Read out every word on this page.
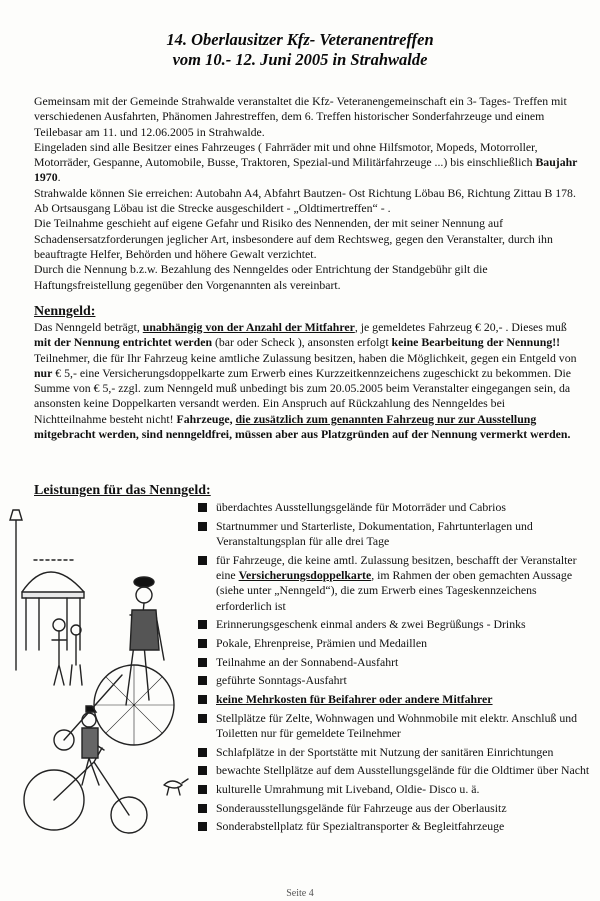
14. Oberlausitzer Kfz- Veteranentreffen
vom 10.- 12. Juni 2005 in Strahwalde

Gemeinsam mit der Gemeinde Strahwalde veranstaltet die Kfz- Veteranengemeinschaft ein 3- Tages- Treffen mit verschiedenen Ausfahrten, Phänomen Jahrestreffen, dem 6. Treffen historischer Sonderfahrzeuge und einem Teilebasar am 11. und 12.06.2005 in Strahwalde.

Eingeladen sind alle Besitzer eines Fahrzeuges ( Fahrräder mit und ohne Hilfsmotor, Mopeds, Motorroller, Motorräder, Gespanne, Automobile, Busse, Traktoren, Spezial-und Militärfahrzeuge ...) bis einschließlich Baujahr 1970.

Strahwalde können Sie erreichen: Autobahn A4, Abfahrt Bautzen- Ost Richtung Löbau B6, Richtung Zittau B 178. Ab Ortsausgang Löbau ist die Strecke ausgeschildert - „Oldtimertreffen“ - .

Die Teilnahme geschieht auf eigene Gefahr und Risiko des Nennenden, der mit seiner Nennung auf Schadensersatzforderungen jeglicher Art, insbesondere auf dem Rechtsweg, gegen den Veranstalter, durch ihn beauftragte Helfer, Behörden und höhere Gewalt verzichtet.

Durch die Nennung b.z.w. Bezahlung des Nenngeldes oder Entrichtung der Standgebühr gilt die Haftungsfreistellung gegenüber den Vorgenannten als vereinbart.

Nenngeld:

Das Nenngeld beträgt, unabhängig von der Anzahl der Mitfahrer, je gemeldetes Fahrzeug € 20,- . Dieses muß mit der Nennung entrichtet werden (bar oder Scheck ), ansonsten erfolgt keine Bearbeitung der Nennung!! Teilnehmer, die für Ihr Fahrzeug keine amtliche Zulassung besitzen, haben die Möglichkeit, gegen ein Entgeld von nur € 5,- eine Versicherungsdoppelkarte zum Erwerb eines Kurzzeitkennzeichens zugeschickt zu bekommen. Die Summe von € 5,- zzgl. zum Nenngeld muß unbedingt bis zum 20.05.2005 beim Veranstalter eingegangen sein, da ansonsten keine Doppelkarten versandt werden. Ein Anspruch auf Rückzahlung des Nenngeldes bei Nichtteilnahme besteht nicht! Fahrzeuge, die zusätzlich zum genannten Fahrzeug nur zur Ausstellung mitgebracht werden, sind nenngeldfrei, müssen aber aus Platzgründen auf der Nennung vermerkt werden.

Leistungen für das Nenngeld:
überdachtes Ausstellungsgelände für Motorräder und Cabrios
Startnummer und Starterliste, Dokumentation, Fahrtunterlagen und Veranstaltungsplan für alle drei Tage
für Fahrzeuge, die keine amtl. Zulassung besitzen, beschafft der Veranstalter eine Versicherungsdoppelkarte, im Rahmen der oben gemachten Aussage (siehe unter „Nenngeld“), die zum Erwerb eines Tageskennzeichens erforderlich ist
Erinnerungsgeschenk einmal anders & zwei Begrüßungs - Drinks
Pokale, Ehrenpreise, Prämien und Medaillen
Teilnahme an der Sonnabend-Ausfahrt
geführte Sonntags-Ausfahrt
keine Mehrkosten für Beifahrer oder andere Mitfahrer
Stellplätze für Zelte, Wohnwagen und Wohnmobile mit elektr. Anschluß und Toiletten nur für gemeldete Teilnehmer
Schlafplätze in der Sportstätte mit Nutzung der sanitären Einrichtungen
bewachte Stellplätze auf dem Ausstellungsgelände für die Oldtimer über Nacht
kulturelle Umrahmung mit Liveband, Oldie- Disco u. ä.
Sonderausstellungsgelände für Fahrzeuge aus der Oberlausitz
Sonderabstellplatz für Spezialtransporter & Begleitfahrzeuge
Seite 4
